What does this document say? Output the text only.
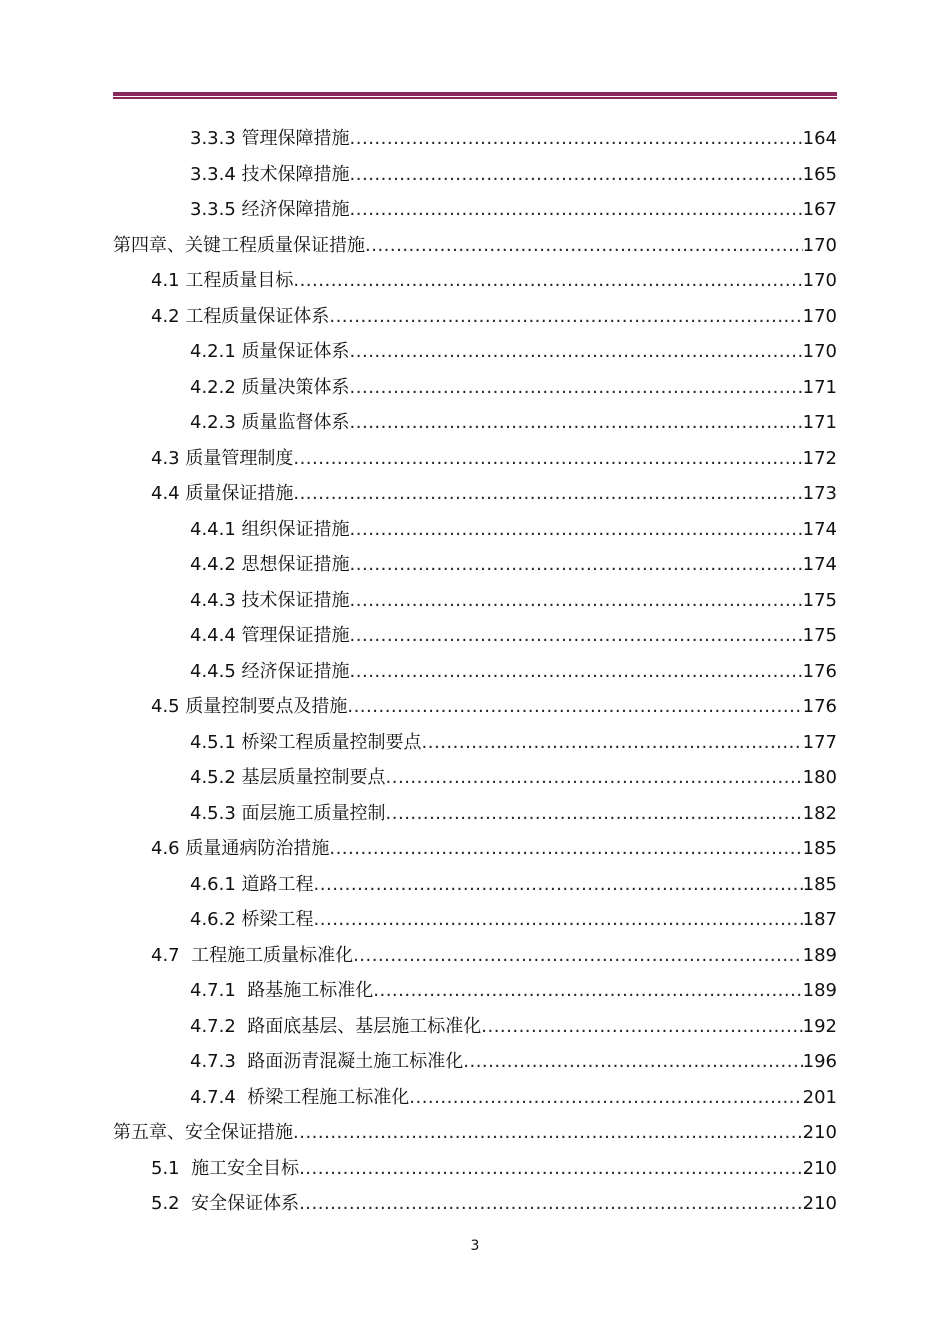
3.3.3 管理保障措施 .....	164
3.3.4 技术保障措施 .....	165
3.3.5 经济保障措施 .....	167
第四章、关键工程质量保证措施 .....	170
4.1 工程质量目标 .....	170
4.2 工程质量保证体系 .....	170
4.2.1 质量保证体系 .....	170
4.2.2 质量决策体系 .....	171
4.2.3 质量监督体系 .....	171
4.3 质量管理制度 .....	172
4.4 质量保证措施 .....	173
4.4.1 组织保证措施 .....	174
4.4.2 思想保证措施 .....	174
4.4.3 技术保证措施 .....	175
4.4.4 管理保证措施 .....	175
4.4.5 经济保证措施 .....	176
4.5 质量控制要点及措施 .....	176
4.5.1 桥梁工程质量控制要点 .....	177
4.5.2 基层质量控制要点 .....	180
4.5.3 面层施工质量控制 .....	182
4.6 质量通病防治措施 .....	185
4.6.1 道路工程 .....	185
4.6.2 桥梁工程 .....	187
4.7  工程施工质量标准化 .....	189
4.7.1  路基施工标准化 .....	189
4.7.2  路面底基层、基层施工标准化 .....	192
4.7.3  路面沥青混凝土施工标准化 .....	196
4.7.4  桥梁工程施工标准化 .....	201
第五章、安全保证措施 .....	210
5.1  施工安全目标 .....	210
5.2  安全保证体系 .....	210
3
